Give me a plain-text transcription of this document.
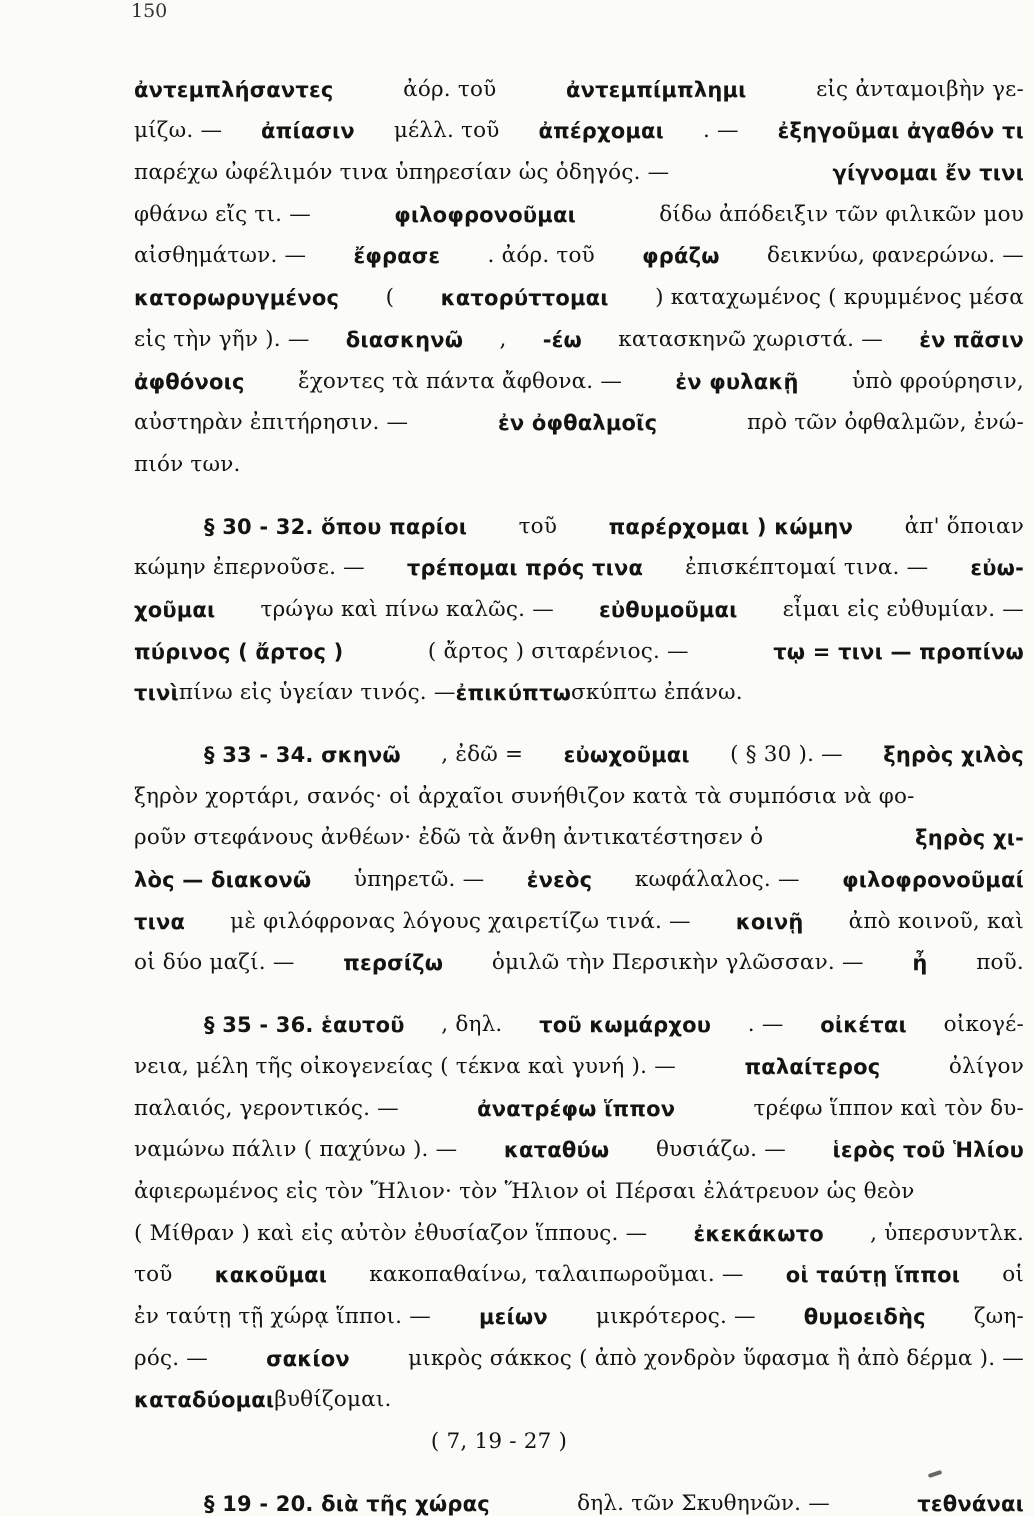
150
ἀντεμπλήσαντες	ἀόρ. τοῦ	ἀντεμπίμπλημι	εἰς ἀνταμοιβὴν γε-
μίζω. — ἀπίασιν μέλλ. τοῦ ἀπέρχομαι . — ἐξηγοῦμαι ἀγαθόν τι
παρέχω ὠφέλιμόν τινα ὑπηρεσίαν ὡς ὁδηγός. —	γίγνομαι ἔν τινι
φθάνω εἴς τι. —	φιλοφρονοῦμαι	δίδω ἀπόδειξιν τῶν φιλικῶν μου
αἰσθημάτων. — ἔφρασε . ἀόρ. τοῦ φράζω δεικνύω, φανερώνω. —
κατορωρυγμένος ( κατορύττομαι ) καταχωμένος ( κρυμμένος μέσα
εἰς τὴν γῆν ). — διασκηνῶ , -έω κατασκηνῶ χωριστά. — ἐν πᾶσιν
ἀφθόνοις ἔχοντες τὰ πάντα ἄφθονα. —	ἐν φυλακῇ ὑπὸ φρούρησιν,
αὐστηρὰν ἐπιτήρησιν. —	ἐν ὀφθαλμοῖς	πρὸ τῶν ὀφθαλμῶν, ἐνώ-
πιόν των.
§ 30 - 32. ὅπου παρίοι τοῦ παρέρχομαι ) κώμην ἀπ' ὅποιαν
κώμην ἐπερνοῦσε. — τρέπομαι πρός τινα ἐπισκέπτομαί τινα. — εὐω-
χοῦμαι τρώγω καὶ πίνω καλῶς. — εὐθυμοῦμαι εἶμαι εἰς εὐθυμίαν. —
πύρινος ( ἄρτος )	( ἄρτος ) σιταρένιος. —	τῳ = τινι — προπίνω
τινὶ πίνω εἰς ὑγείαν τινός. — ἐπικύπτω σκύπτω ἐπάνω.
§ 33 - 34. σκηνῶ , ἐδῶ = εὐωχοῦμαι ( § 30 ). — ξηρὸς χιλὸς
ξηρὸν χορτάρι, σανός· οἱ ἀρχαῖοι συνήθιζον κατὰ τὰ συμπόσια νὰ φο-
ροῦν στεφάνους ἀνθέων· ἐδῶ τὰ ἄνθη ἀντικατέστησεν ὁ	ξηρὸς χι-
λὸς — διακονῶ ὑπηρετῶ. — ἐνεὸς κωφάλαλος. — φιλοφρονοῦμαί
τινα μὲ φιλόφρονας λόγους χαιρετίζω τινά. — κοινῇ ἀπὸ κοινοῦ, καὶ
οἱ δύο μαζί. — περσίζω ὁμιλῶ τὴν Περσικὴν γλῶσσαν. — ἦ ποῦ.
§ 35 - 36. ἑαυτοῦ , δηλ. τοῦ κωμάρχου . — οἰκέται οἰκογέ-
νεια, μέλη τῆς οἰκογενείας ( τέκνα καὶ γυνή ). —	παλαίτερος	ὀλίγον
παλαιός, γεροντικός. —	ἀνατρέφω ἵππον	τρέφω ἵππον καὶ τὸν δυ-
ναμώνω πάλιν ( παχύνω ). — καταθύω θυσιάζω. — ἱερὸς τοῦ Ἡλίου
ἀφιερωμένος εἰς τὸν Ἥλιον· τὸν Ἥλιον οἱ Πέρσαι ἐλάτρευον ὡς θεὸν
( Μίθραν ) καὶ εἰς αὐτὸν ἐθυσίαζον ἵππους. — ἐκεκάκωτο , ὑπερσυντλκ.
τοῦ κακοῦμαι κακοπαθαίνω, ταλαιπωροῦμαι. — οἱ ταύτῃ ἵπποι οἱ
ἐν ταύτῃ τῇ χώρᾳ ἵπποι. — μείων μικρότερος. — θυμοειδὴς ζωη-
ρός. —	σακίον	μικρὸς σάκκος ( ἀπὸ χονδρὸν ὕφασμα ἢ ἀπὸ δέρμα ). —
καταδύομαι βυθίζομαι.
( 7, 19 - 27 )
§ 19 - 20. διὰ τῆς χώρας	δηλ. τῶν Σκυθηνῶν. —	τεθνάναι
